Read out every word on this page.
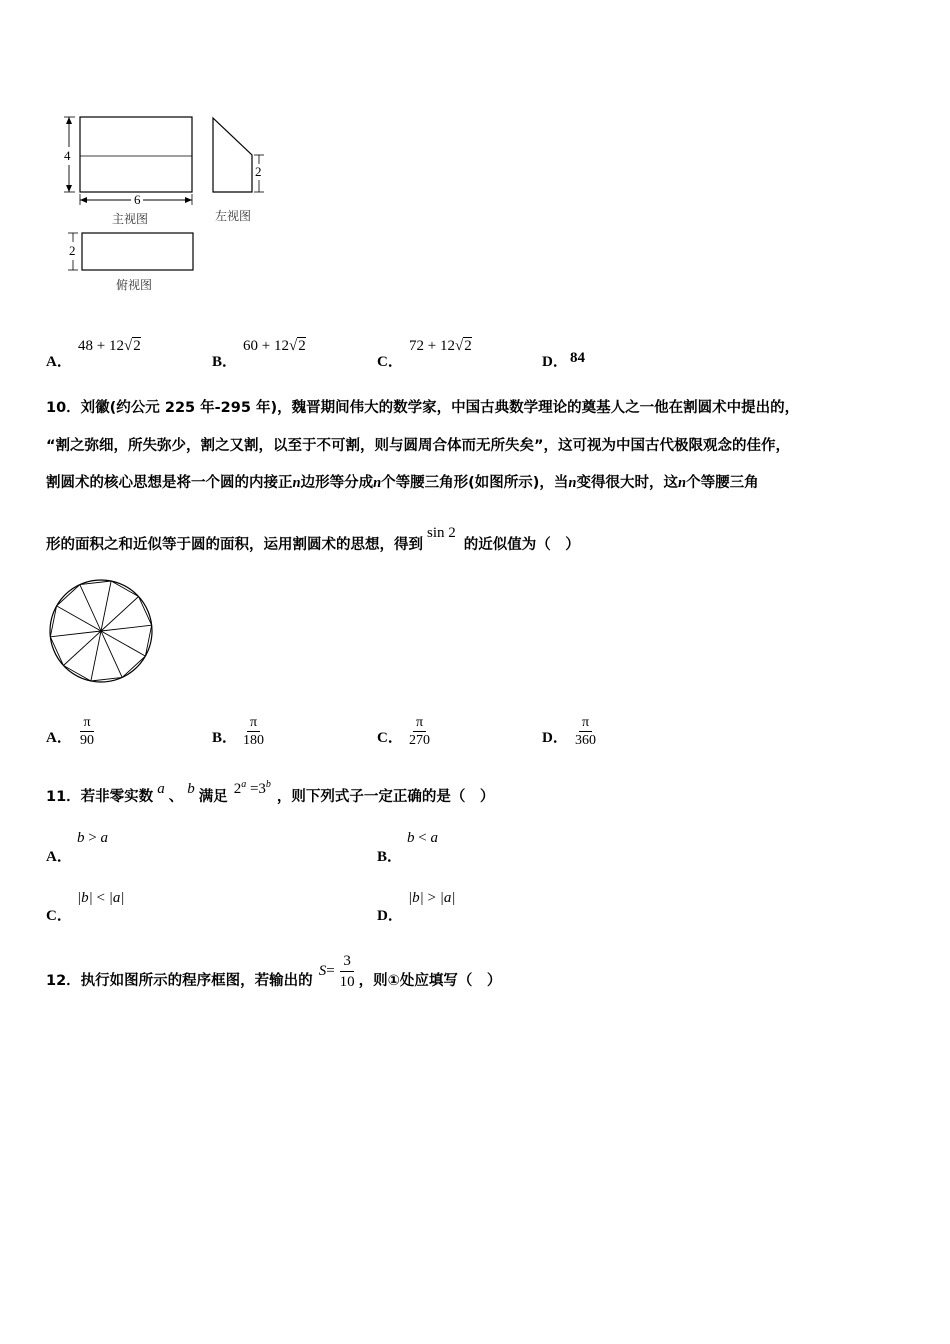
4
6
2
2
主视图	左视图
俯视图
A．
48 + 12√2
B．
60 + 12√2
C．
72 + 12√2
D． 84
10．刘徽(约公元 225 年-295 年)，魏晋期间伟大的数学家，中国古典数学理论的奠基人之一他在割圆术中提出的，
“割之弥细，所失弥少，割之又割，以至于不可割，则与圆周合体而无所失矣”，这可视为中国古代极限观念的佳作，
割圆术的核心思想是将一个圆的内接正n边形等分成n个等腰三角形(如图所示)，当n变得很大时，这n个等腰三角
形的面积之和近似等于圆的面积，运用割圆术的思想，得到sin 2的近似值为（　）
A． $\frac{\pi}{90}$	B． $\frac{\pi}{180}$	C． $\frac{\pi}{270}$	D． $\frac{\pi}{360}$
11．若非零实数 a 、 b 满足 $2^a =3^b$，则下列式子一定正确的是（　）
A．
b > a
B．
b < a
C．
|b| < |a|
D．
|b| > |a|
12．执行如图所示的程序框图，若输出的
$S = \frac{3}{10}$ ，则①处应填写（　）
